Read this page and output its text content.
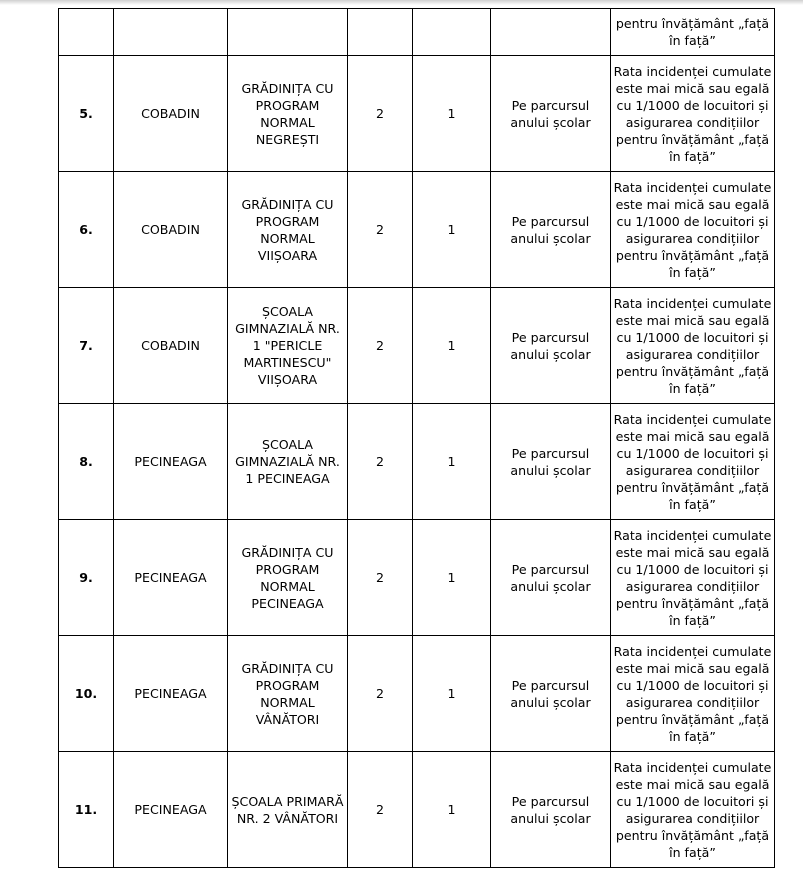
						pentru învățământ „față în față”
5.	COBADIN	GRĂDINIȚA CU PROGRAM NORMAL NEGREȘTI	2	1	Pe parcursul anului școlar	Rata incidenței cumulate este mai mică sau egală cu 1/1000 de locuitori și asigurarea condițiilor pentru învățământ „față în față”
6.	COBADIN	GRĂDINIȚA CU PROGRAM NORMAL VIIȘOARA	2	1	Pe parcursul anului școlar	Rata incidenței cumulate este mai mică sau egală cu 1/1000 de locuitori și asigurarea condițiilor pentru învățământ „față în față”
7.	COBADIN	ȘCOALA GIMNAZIALĂ NR. 1 "PERICLE MARTINESCU" VIIȘOARA	2	1	Pe parcursul anului școlar	Rata incidenței cumulate este mai mică sau egală cu 1/1000 de locuitori și asigurarea condițiilor pentru învățământ „față în față”
8.	PECINEAGA	ȘCOALA GIMNAZIALĂ NR. 1 PECINEAGA	2	1	Pe parcursul anului școlar	Rata incidenței cumulate este mai mică sau egală cu 1/1000 de locuitori și asigurarea condițiilor pentru învățământ „față în față”
9.	PECINEAGA	GRĂDINIȚA CU PROGRAM NORMAL PECINEAGA	2	1	Pe parcursul anului școlar	Rata incidenței cumulate este mai mică sau egală cu 1/1000 de locuitori și asigurarea condițiilor pentru învățământ „față în față”
10.	PECINEAGA	GRĂDINIȚA CU PROGRAM NORMAL VÂNĂTORI	2	1	Pe parcursul anului școlar	Rata incidenței cumulate este mai mică sau egală cu 1/1000 de locuitori și asigurarea condițiilor pentru învățământ „față în față”
11.	PECINEAGA	ȘCOALA PRIMARĂ NR. 2 VÂNĂTORI	2	1	Pe parcursul anului școlar	Rata incidenței cumulate este mai mică sau egală cu 1/1000 de locuitori și asigurarea condițiilor pentru învățământ „față în față”
